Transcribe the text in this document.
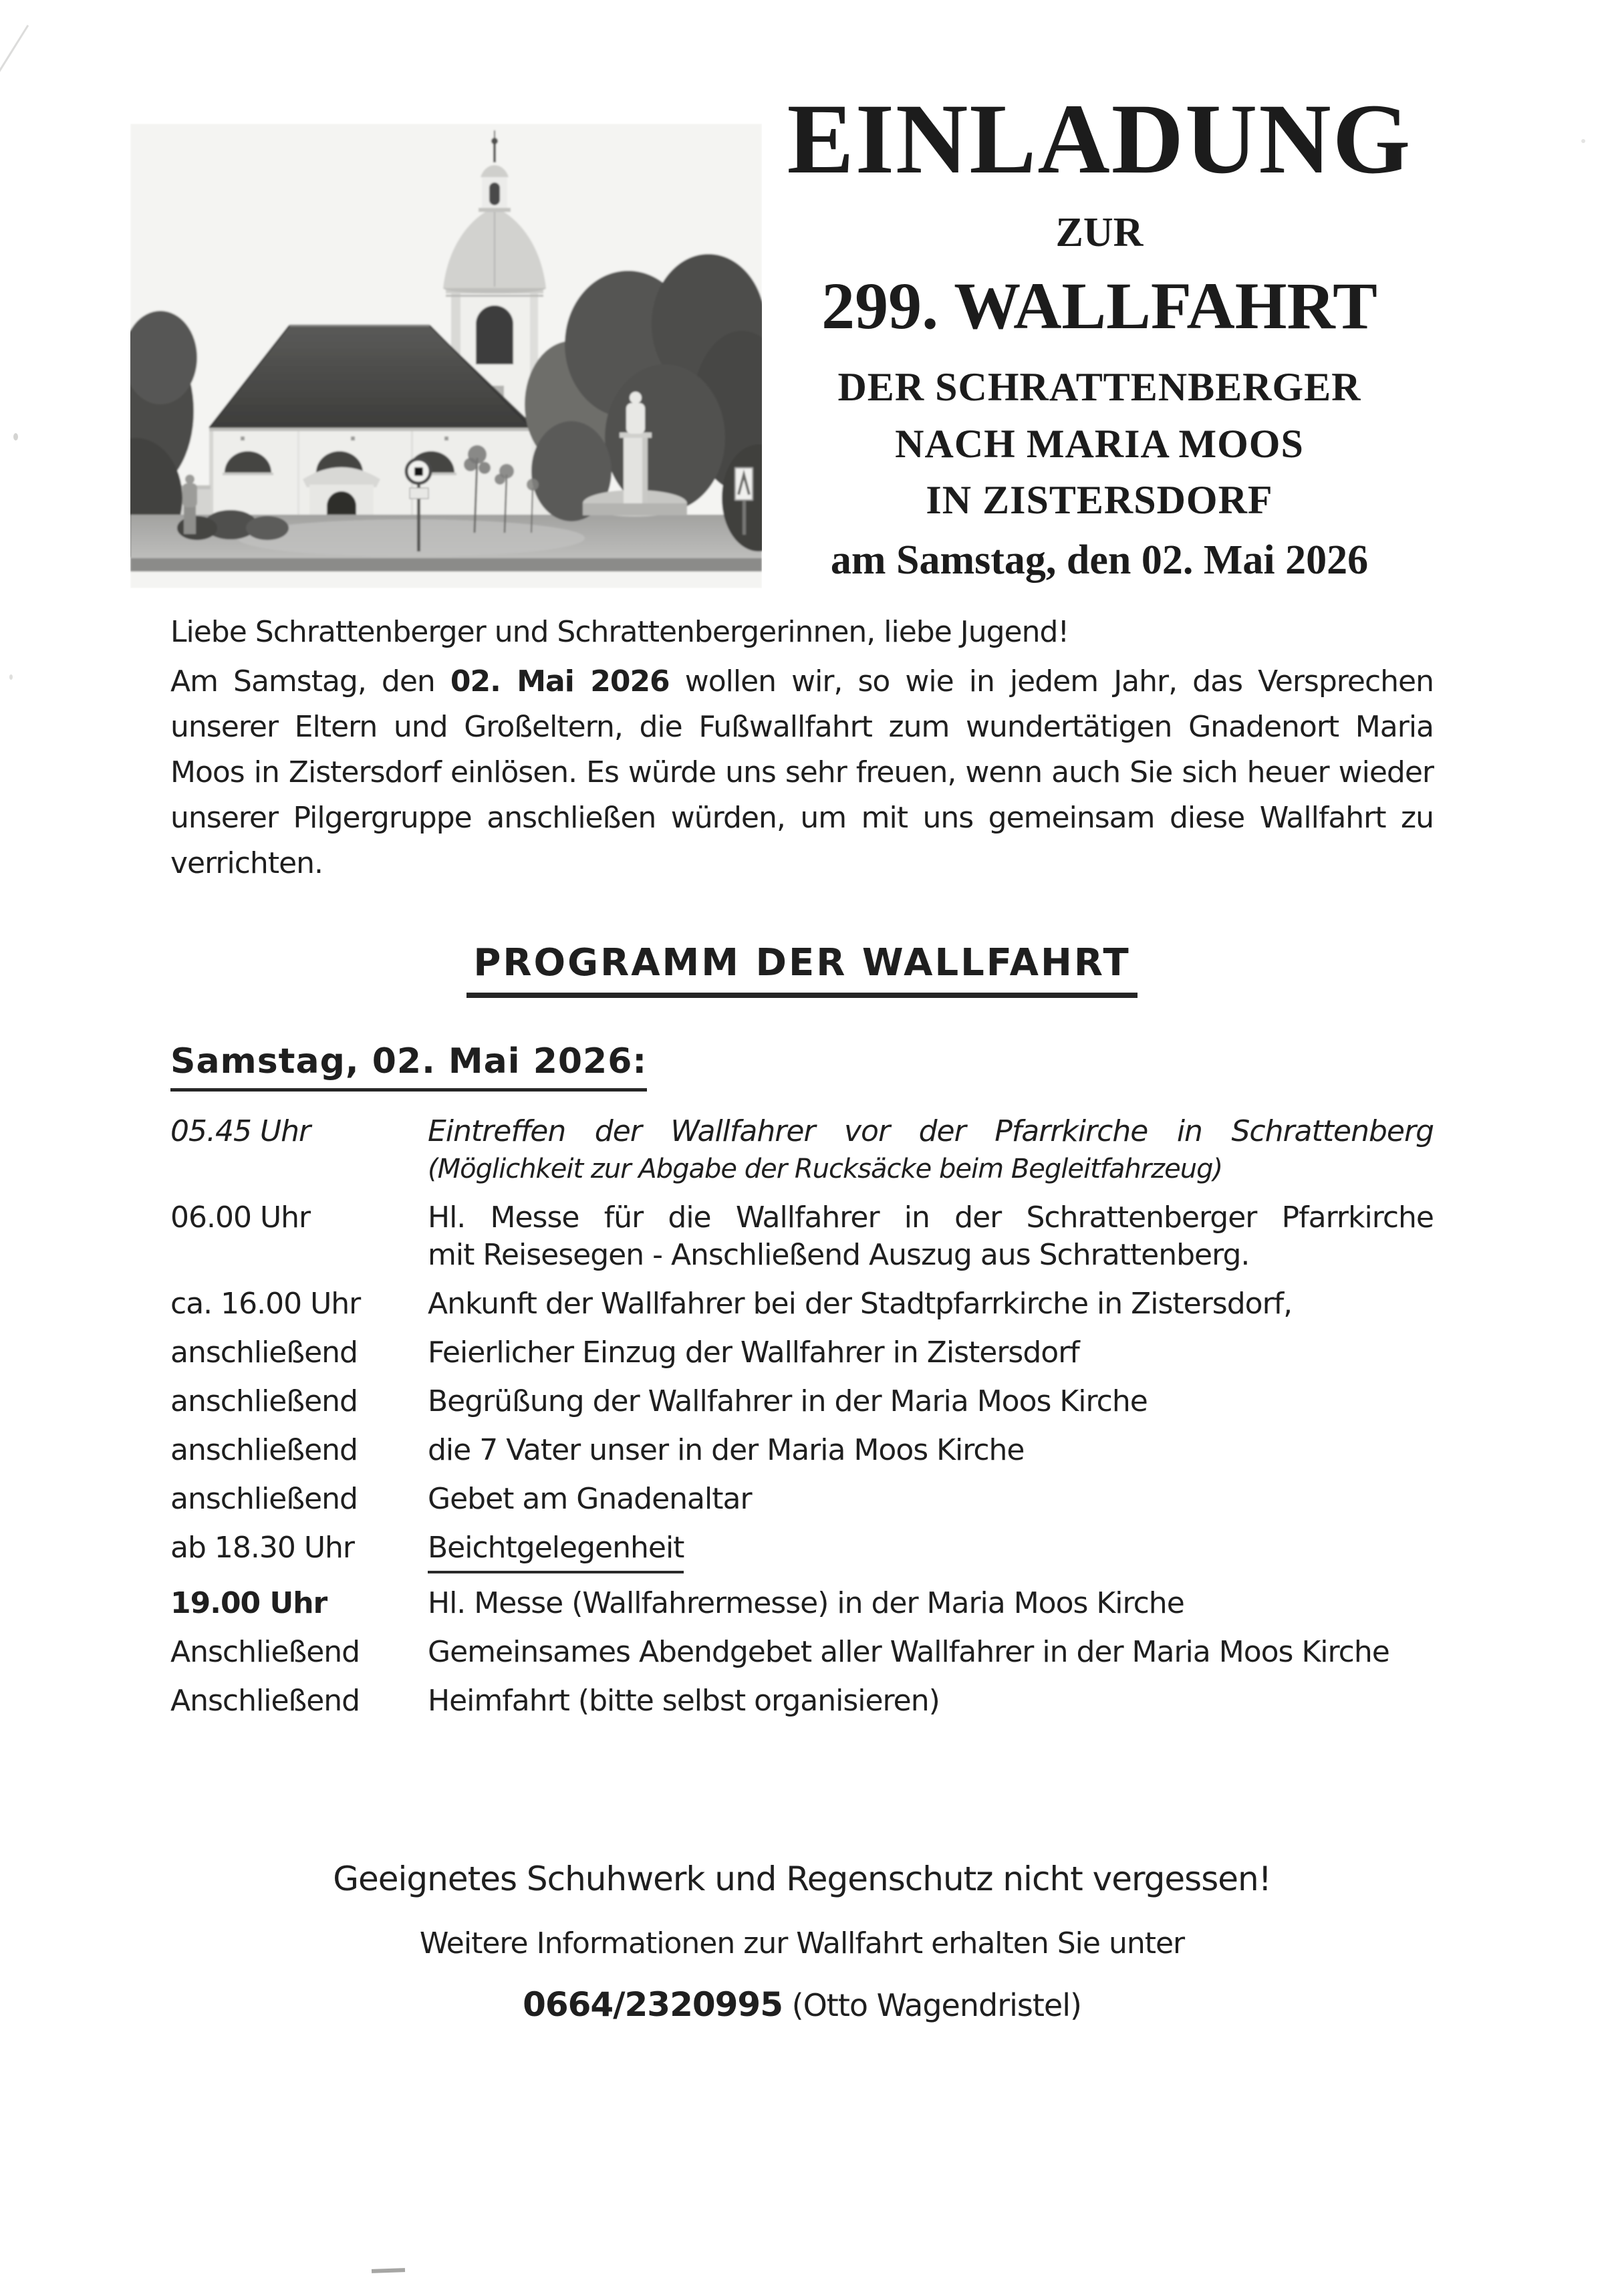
EINLADUNG
ZUR
299. WALLFAHRT
DER SCHRATTENBERGER
NACH MARIA MOOS
IN ZISTERSDORF
am Samstag, den 02. Mai 2026

Liebe Schrattenberger und Schrattenbergerinnen, liebe Jugend!

Am Samstag, den 02. Mai 2026 wollen wir, so wie in jedem Jahr, das Versprechen unserer Eltern und Großeltern, die Fußwallfahrt zum wundertätigen Gnadenort Maria Moos in Zistersdorf einlösen. Es würde uns sehr freuen, wenn auch Sie sich heuer wieder unserer Pilgergruppe anschließen würden, um mit uns gemeinsam diese Wallfahrt zu verrichten.

PROGRAMM DER WALLFAHRT
Samstag, 02. Mai 2026:
05.45 Uhr	Eintreffen der Wallfahrer vor der Pfarrkirche in Schrattenberg
(Möglichkeit zur Abgabe der Rucksäcke beim Begleitfahrzeug)
06.00 Uhr	Hl. Messe für die Wallfahrer in der Schrattenberger Pfarrkirche
mit Reisesegen - Anschließend Auszug aus Schrattenberg.
ca. 16.00 Uhr	Ankunft der Wallfahrer bei der Stadtpfarrkirche in Zistersdorf,
anschließend	Feierlicher Einzug der Wallfahrer in Zistersdorf
anschließend	Begrüßung der Wallfahrer in der Maria Moos Kirche
anschließend	die 7 Vater unser in der Maria Moos Kirche
anschließend	Gebet am Gnadenaltar
ab 18.30 Uhr	Beichtgelegenheit
19.00 Uhr	Hl. Messe (Wallfahrermesse) in der Maria Moos Kirche
Anschließend	Gemeinsames Abendgebet aller Wallfahrer in der Maria Moos Kirche
Anschließend	Heimfahrt (bitte selbst organisieren)
Geeignetes Schuhwerk und Regenschutz nicht vergessen!
Weitere Informationen zur Wallfahrt erhalten Sie unter
0664/2320995 (Otto Wagendristel)
